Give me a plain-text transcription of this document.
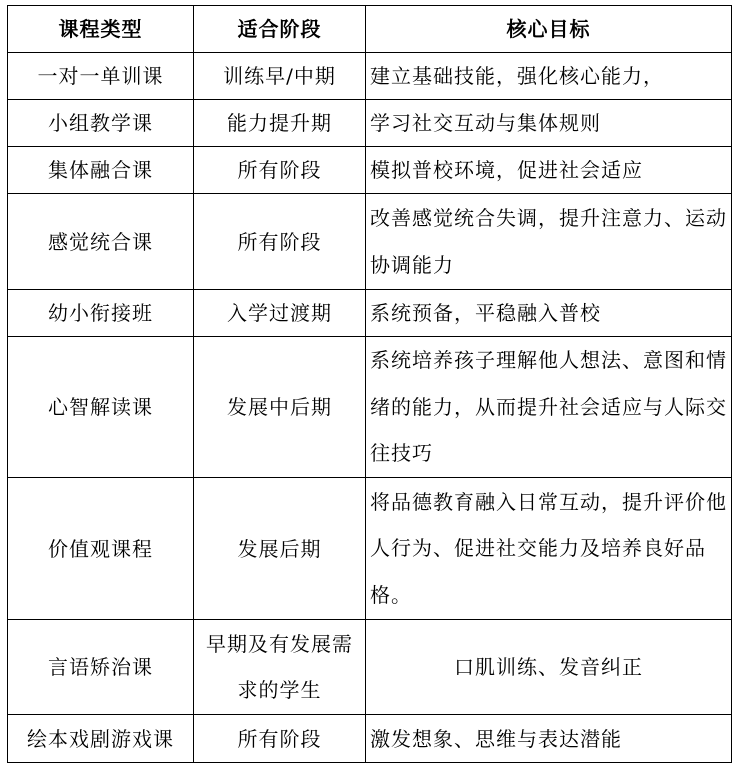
课程类型	适合阶段	核心目标
一对一单训课	训练早/中期	建立基础技能，强化核心能力，
小组教学课	能力提升期	学习社交互动与集体规则
集体融合课	所有阶段	模拟普校环境，促进社会适应
感觉统合课	所有阶段	改善感觉统合失调，提升注意力、运动协调能力
幼小衔接班	入学过渡期	系统预备，平稳融入普校
心智解读课	发展中后期	系统培养孩子理解他人想法、意图和情绪的能力，从而提升社会适应与人际交往技巧
价值观课程	发展后期	将品德教育融入日常互动，提升评价他人行为、促进社交能力及培养良好品格。
言语矫治课	早期及有发展需求的学生	口肌训练、发音纠正
绘本戏剧游戏课	所有阶段	激发想象、思维与表达潜能
